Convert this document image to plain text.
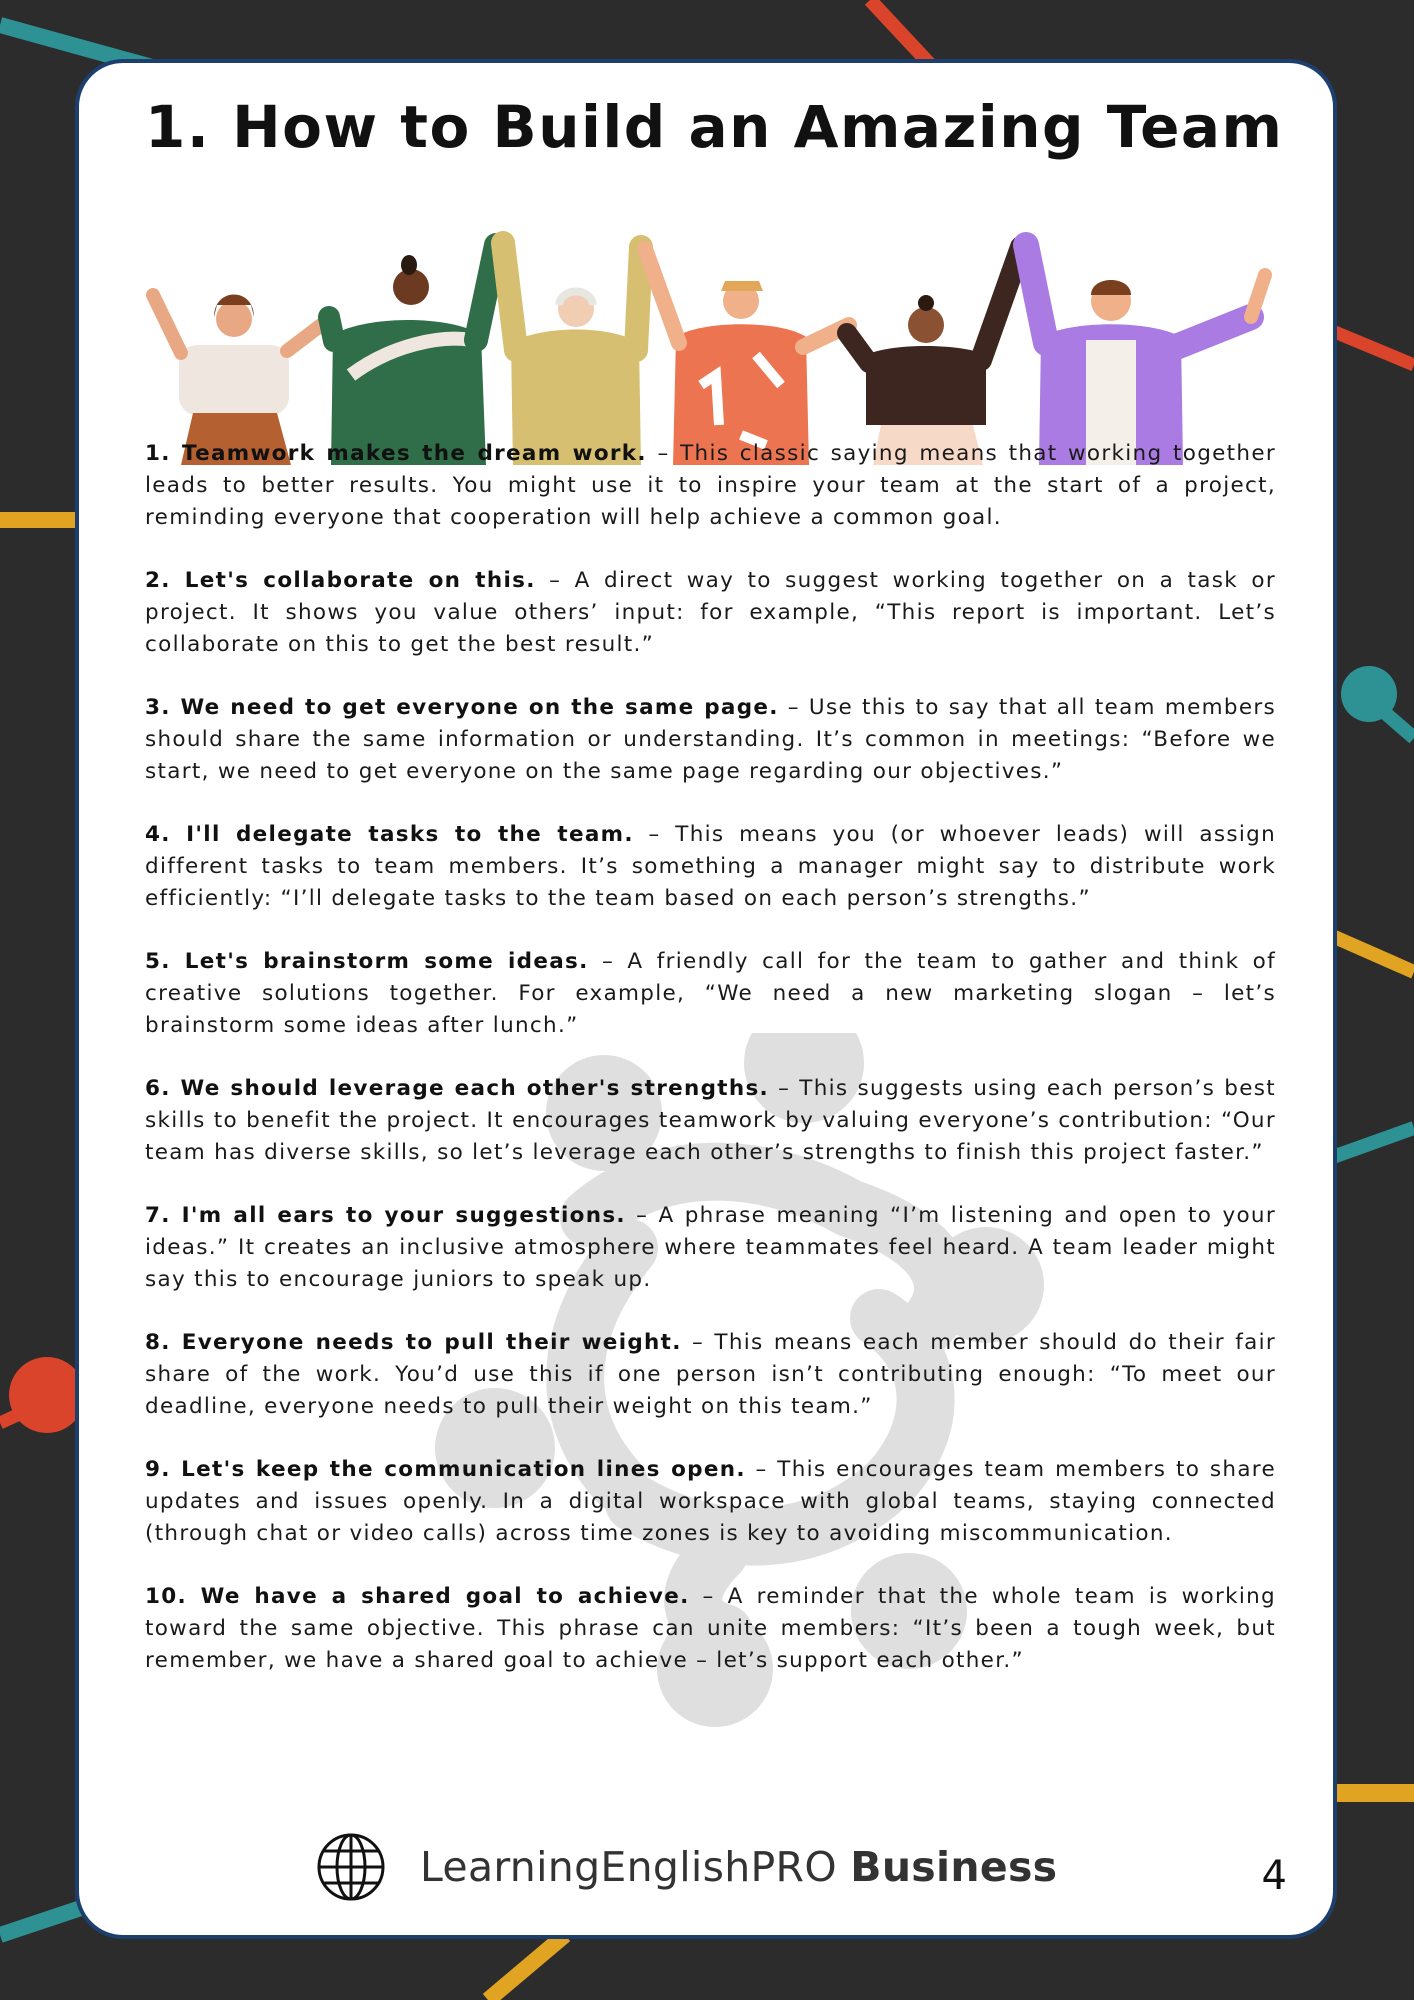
1. How to Build an Amazing Team

1. Teamwork makes the dream work. – This classic saying means that working together leads to better results. You might use it to inspire your team at the start of a project, reminding everyone that cooperation will help achieve a common goal.

2. Let's collaborate on this. – A direct way to suggest working together on a task or project. It shows you value others’ input: for example, “This report is important. Let’s collaborate on this to get the best result.”

3. We need to get everyone on the same page. – Use this to say that all team members should share the same information or understanding. It’s common in meetings: “Before we start, we need to get everyone on the same page regarding our objectives.”

4. I'll delegate tasks to the team. – This means you (or whoever leads) will assign different tasks to team members. It’s something a manager might say to distribute work efficiently: “I’ll delegate tasks to the team based on each person’s strengths.”

5. Let's brainstorm some ideas. – A friendly call for the team to gather and think of creative solutions together. For example, “We need a new marketing slogan – let’s brainstorm some ideas after lunch.”

6. We should leverage each other's strengths. – This suggests using each person’s best skills to benefit the project. It encourages teamwork by valuing everyone’s contribution: “Our team has diverse skills, so let’s leverage each other’s strengths to finish this project faster.”

7. I'm all ears to your suggestions. – A phrase meaning “I’m listening and open to your ideas.” It creates an inclusive atmosphere where teammates feel heard. A team leader might say this to encourage juniors to speak up.

8. Everyone needs to pull their weight. – This means each member should do their fair share of the work. You’d use this if one person isn’t contributing enough: “To meet our deadline, everyone needs to pull their weight on this team.”

9. Let's keep the communication lines open. – This encourages team members to share updates and issues openly. In a digital workspace with global teams, staying connected (through chat or video calls) across time zones is key to avoiding miscommunication.

10. We have a shared goal to achieve. – A reminder that the whole team is working toward the same objective. This phrase can unite members: “It’s been a tough week, but remember, we have a shared goal to achieve – let’s support each other.”

LearningEnglishPRO Business	4
